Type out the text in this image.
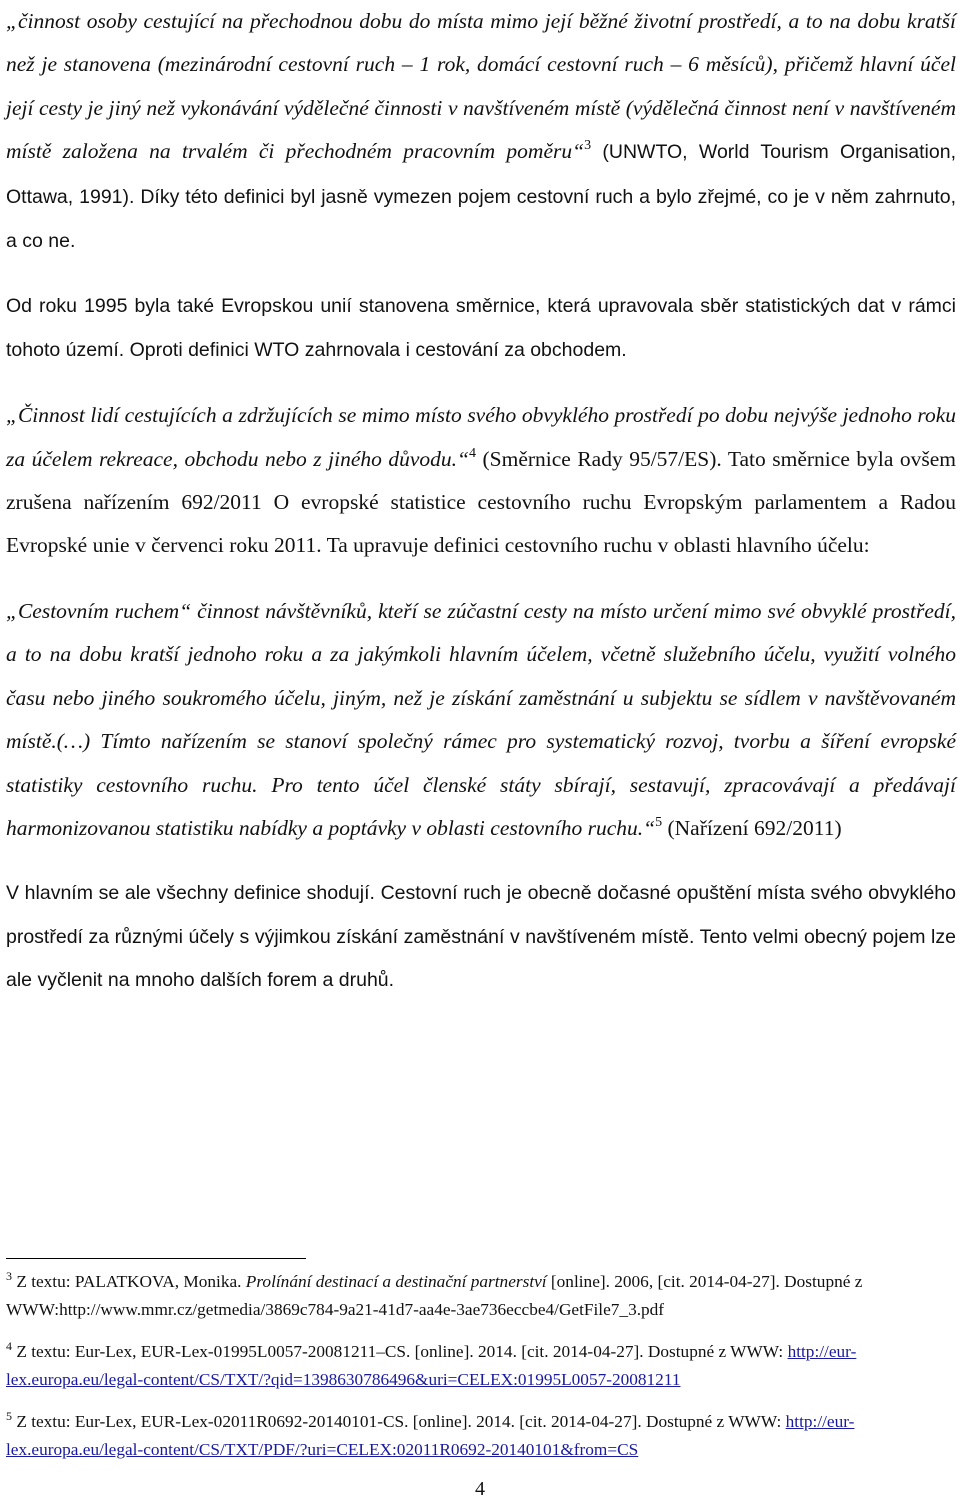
„činnost osoby cestující na přechodnou dobu do místa mimo její běžné životní prostředí, a to na dobu kratší než je stanovena (mezinárodní cestovní ruch – 1 rok, domácí cestovní ruch – 6 měsíců), přičemž hlavní účel její cesty je jiný než vykonávání výdělečné činnosti v navštíveném místě (výdělečná činnost není v navštíveném místě založena na trvalém či přechodném pracovním poměru“$^3$ (UNWTO, World Tourism Organisation, Ottawa, 1991). Díky této definici byl jasně vymezen pojem cestovní ruch a bylo zřejmé, co je v něm zahrnuto, a co ne.

Od roku 1995 byla také Evropskou unií stanovena směrnice, která upravovala sběr statistických dat v rámci tohoto území. Oproti definici WTO zahrnovala i cestování za obchodem.

„Činnost lidí cestujících a zdržujících se mimo místo svého obvyklého prostředí po dobu nejvýše jednoho roku za účelem rekreace, obchodu nebo z jiného důvodu.“$^4$ (Směrnice Rady 95/57/ES). Tato směrnice byla ovšem zrušena nařízením 692/2011 O evropské statistice cestovního ruchu Evropským parlamentem a Radou Evropské unie v červenci roku 2011. Ta upravuje definici cestovního ruchu v oblasti hlavního účelu:

„Cestovním ruchem“ činnost návštěvníků, kteří se zúčastní cesty na místo určení mimo své obvyklé prostředí, a to na dobu kratší jednoho roku a za jakýmkoli hlavním účelem, včetně služebního účelu, využití volného času nebo jiného soukromého účelu, jiným, než je získání zaměstnání u subjektu se sídlem v navštěvovaném místě.(…) Tímto nařízením se stanoví společný rámec pro systematický rozvoj, tvorbu a šíření evropské statistiky cestovního ruchu. Pro tento účel členské státy sbírají, sestavují, zpracovávají a předávají harmonizovanou statistiku nabídky a poptávky v oblasti cestovního ruchu.“$^5$ (Nařízení 692/2011)

V hlavním se ale všechny definice shodují. Cestovní ruch je obecně dočasné opuštění místa svého obvyklého prostředí za různými účely s výjimkou získání zaměstnání v navštíveném místě. Tento velmi obecný pojem lze ale vyčlenit na mnoho dalších forem a druhů.

$^3$ Z textu: PALATKOVA, Monika. Prolínání destinací a destinační partnerství [online]. 2006, [cit. 2014-04-27]. Dostupné z WWW:http://www.mmr.cz/getmedia/3869c784-9a21-41d7-aa4e-3ae736eccbe4/GetFile7_3.pdf

$^4$ Z textu: Eur-Lex, EUR-Lex-01995L0057-20081211–CS. [online]. 2014. [cit. 2014-04-27]. Dostupné z WWW: http://eur-lex.europa.eu/legal-content/CS/TXT/?qid=1398630786496&uri=CELEX:01995L0057-20081211

$^5$ Z textu: Eur-Lex, EUR-Lex-02011R0692-20140101-CS. [online]. 2014. [cit. 2014-04-27]. Dostupné z WWW: http://eur-lex.europa.eu/legal-content/CS/TXT/PDF/?uri=CELEX:02011R0692-20140101&from=CS

4
